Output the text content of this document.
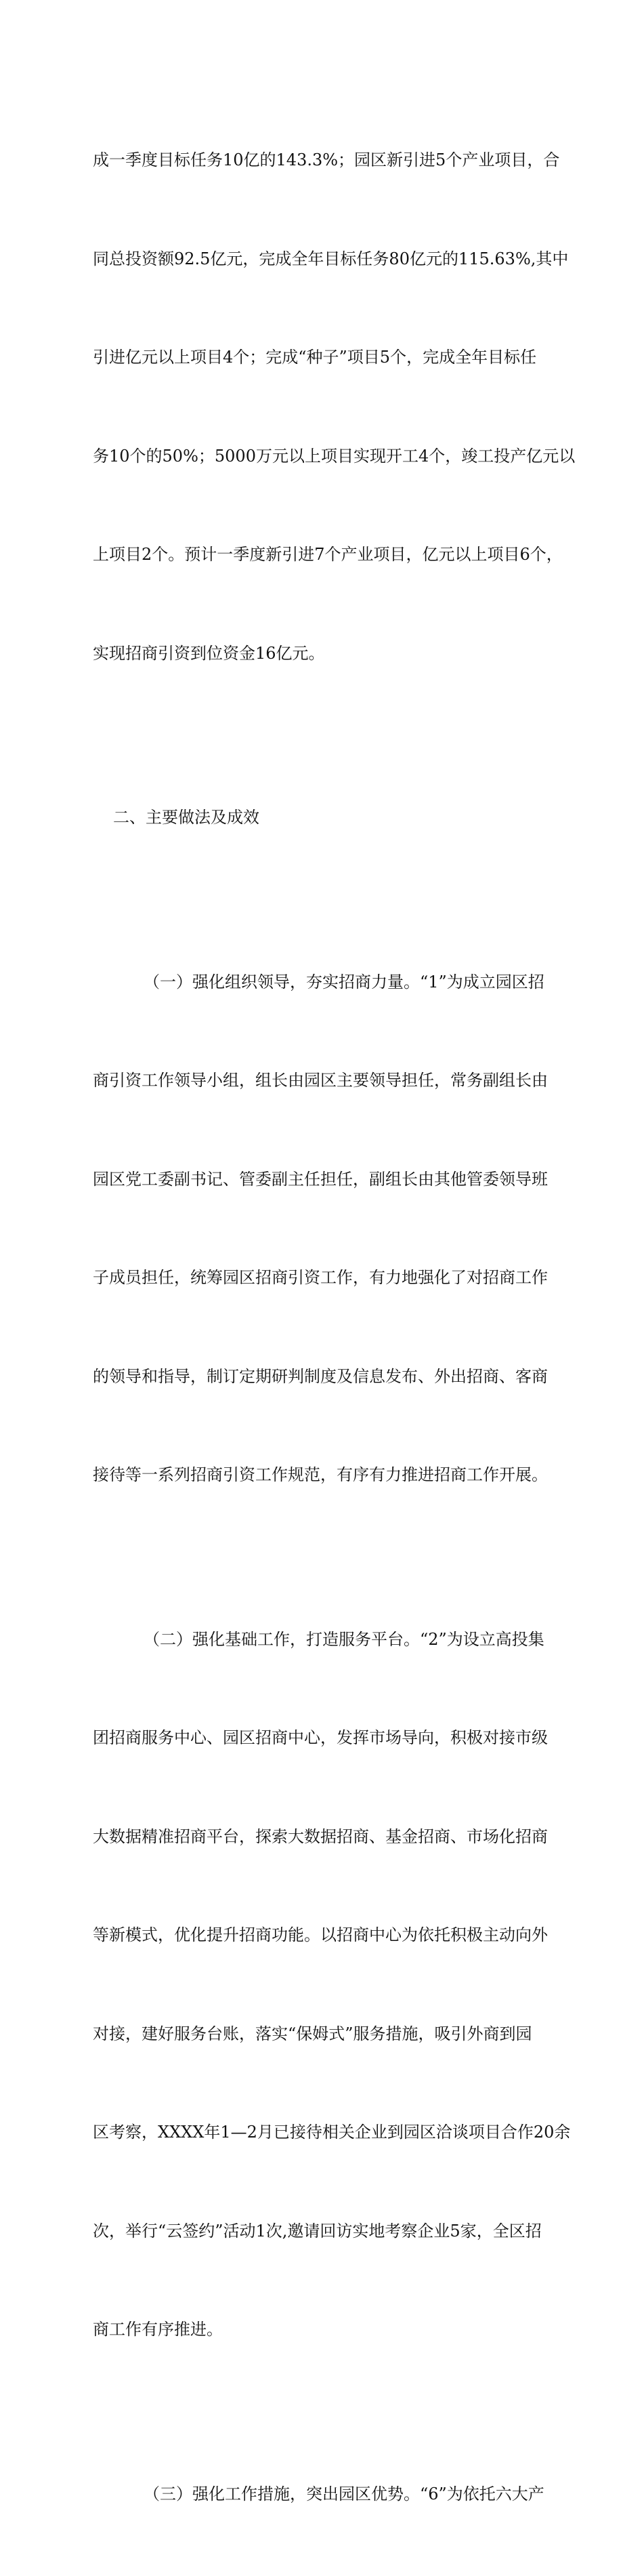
成一季度目标任务10亿的143.3%；园区新引进5个产业项目，合

同总投资额92.5亿元，完成全年目标任务80亿元的115.63%,其中

引进亿元以上项目4个；完成“种子”项目5个，完成全年目标任

务10个的50%；5000万元以上项目实现开工4个，竣工投产亿元以

上项目2个。预计一季度新引进7个产业项目，亿元以上项目6个，

实现招商引资到位资金16亿元。

二、主要做法及成效

（一）强化组织领导，夯实招商力量。“1”为成立园区招

商引资工作领导小组，组长由园区主要领导担任，常务副组长由

园区党工委副书记、管委副主任担任，副组长由其他管委领导班

子成员担任，统筹园区招商引资工作，有力地强化了对招商工作

的领导和指导，制订定期研判制度及信息发布、外出招商、客商

接待等一系列招商引资工作规范，有序有力推进招商工作开展。

（二）强化基础工作，打造服务平台。“2”为设立高投集

团招商服务中心、园区招商中心，发挥市场导向，积极对接市级

大数据精准招商平台，探索大数据招商、基金招商、市场化招商

等新模式，优化提升招商功能。以招商中心为依托积极主动向外

对接，建好服务台账，落实“保姆式”服务措施，吸引外商到园

区考察，XXXX年1—2月已接待相关企业到园区洽谈项目合作20余

次，举行“云签约”活动1次,邀请回访实地考察企业5家，全区招

商工作有序推进。

（三）强化工作措施，突出园区优势。“6”为依托六大产
